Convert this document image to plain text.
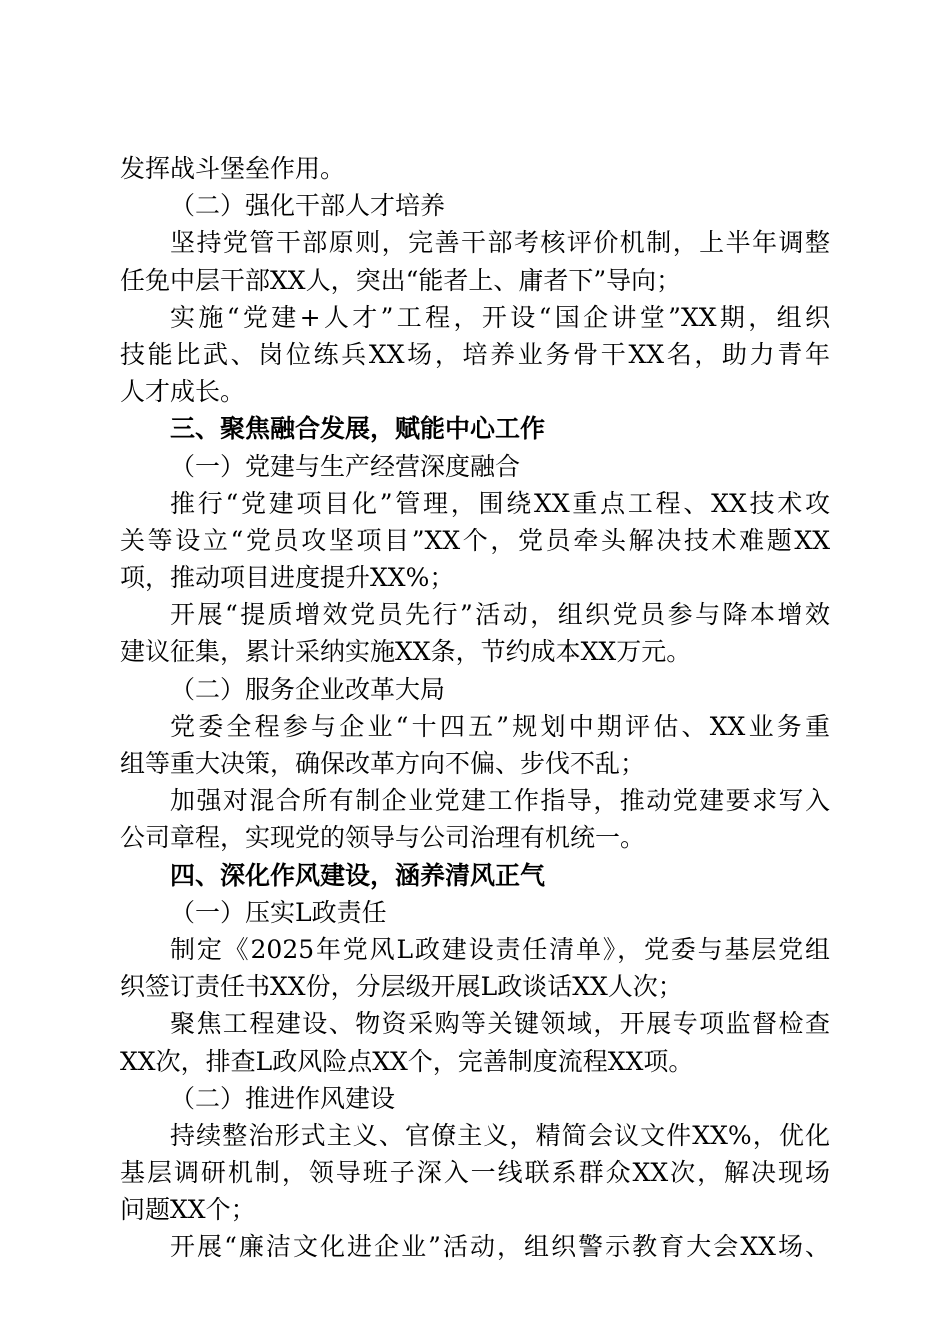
发挥战斗堡垒作用。
（二）强化干部人才培养
坚持党管干部原则，完善干部考核评价机制，上半年调整
任免中层干部XX人，突出“能者上、庸者下”导向；
实施“党建+人才”工程，开设“国企讲堂”XX期，组织
技能比武、岗位练兵XX场，培养业务骨干XX名，助力青年
人才成长。
三、聚焦融合发展，赋能中心工作
（一）党建与生产经营深度融合
推行“党建项目化”管理，围绕XX重点工程、XX技术攻
关等设立“党员攻坚项目”XX个，党员牵头解决技术难题XX
项，推动项目进度提升XX%；
开展“提质增效党员先行”活动，组织党员参与降本增效
建议征集，累计采纳实施XX条，节约成本XX万元。
（二）服务企业改革大局
党委全程参与企业“十四五”规划中期评估、XX业务重
组等重大决策，确保改革方向不偏、步伐不乱；
加强对混合所有制企业党建工作指导，推动党建要求写入
公司章程，实现党的领导与公司治理有机统一。
四、深化作风建设，涵养清风正气
（一）压实L政责任
制定《2025年党风L政建设责任清单》，党委与基层党组
织签订责任书XX份，分层级开展L政谈话XX人次；
聚焦工程建设、物资采购等关键领域，开展专项监督检查
XX次，排查L政风险点XX个，完善制度流程XX项。
（二）推进作风建设
持续整治形式主义、官僚主义，精简会议文件XX%，优化
基层调研机制，领导班子深入一线联系群众XX次，解决现场
问题XX个；
开展“廉洁文化进企业”活动，组织警示教育大会XX场、
